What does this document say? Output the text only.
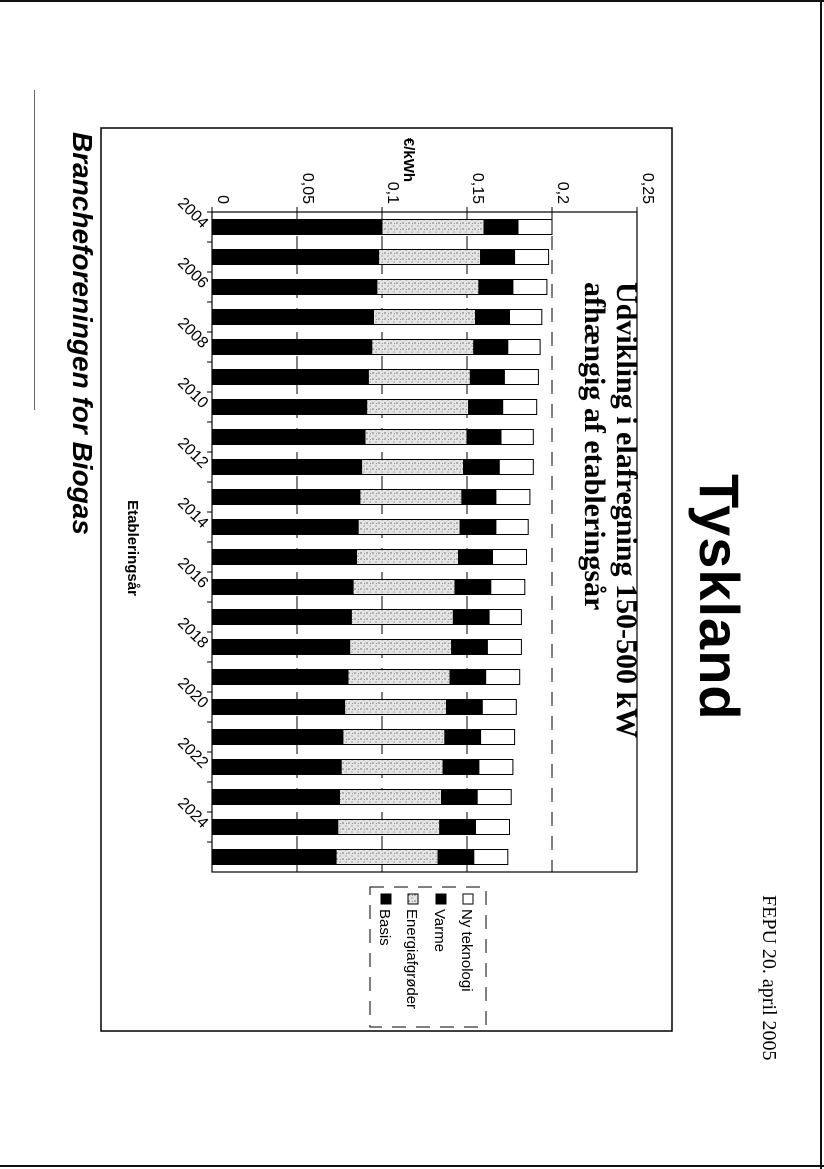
Tyskland
FEPU 20. april 2005
Brancheforeningen for Biogas	0	0,05	0,1	0,15	0,2	0,25
2004
2006
2008
2010
2012
2014
2016
2018
2020
2022
2024
Udvikling i elafregning 150-500 kW
afhængig af etableringsår
€/kWh
Etableringsår
Ny teknologi
Varme
Energiafgrøder
Basis
